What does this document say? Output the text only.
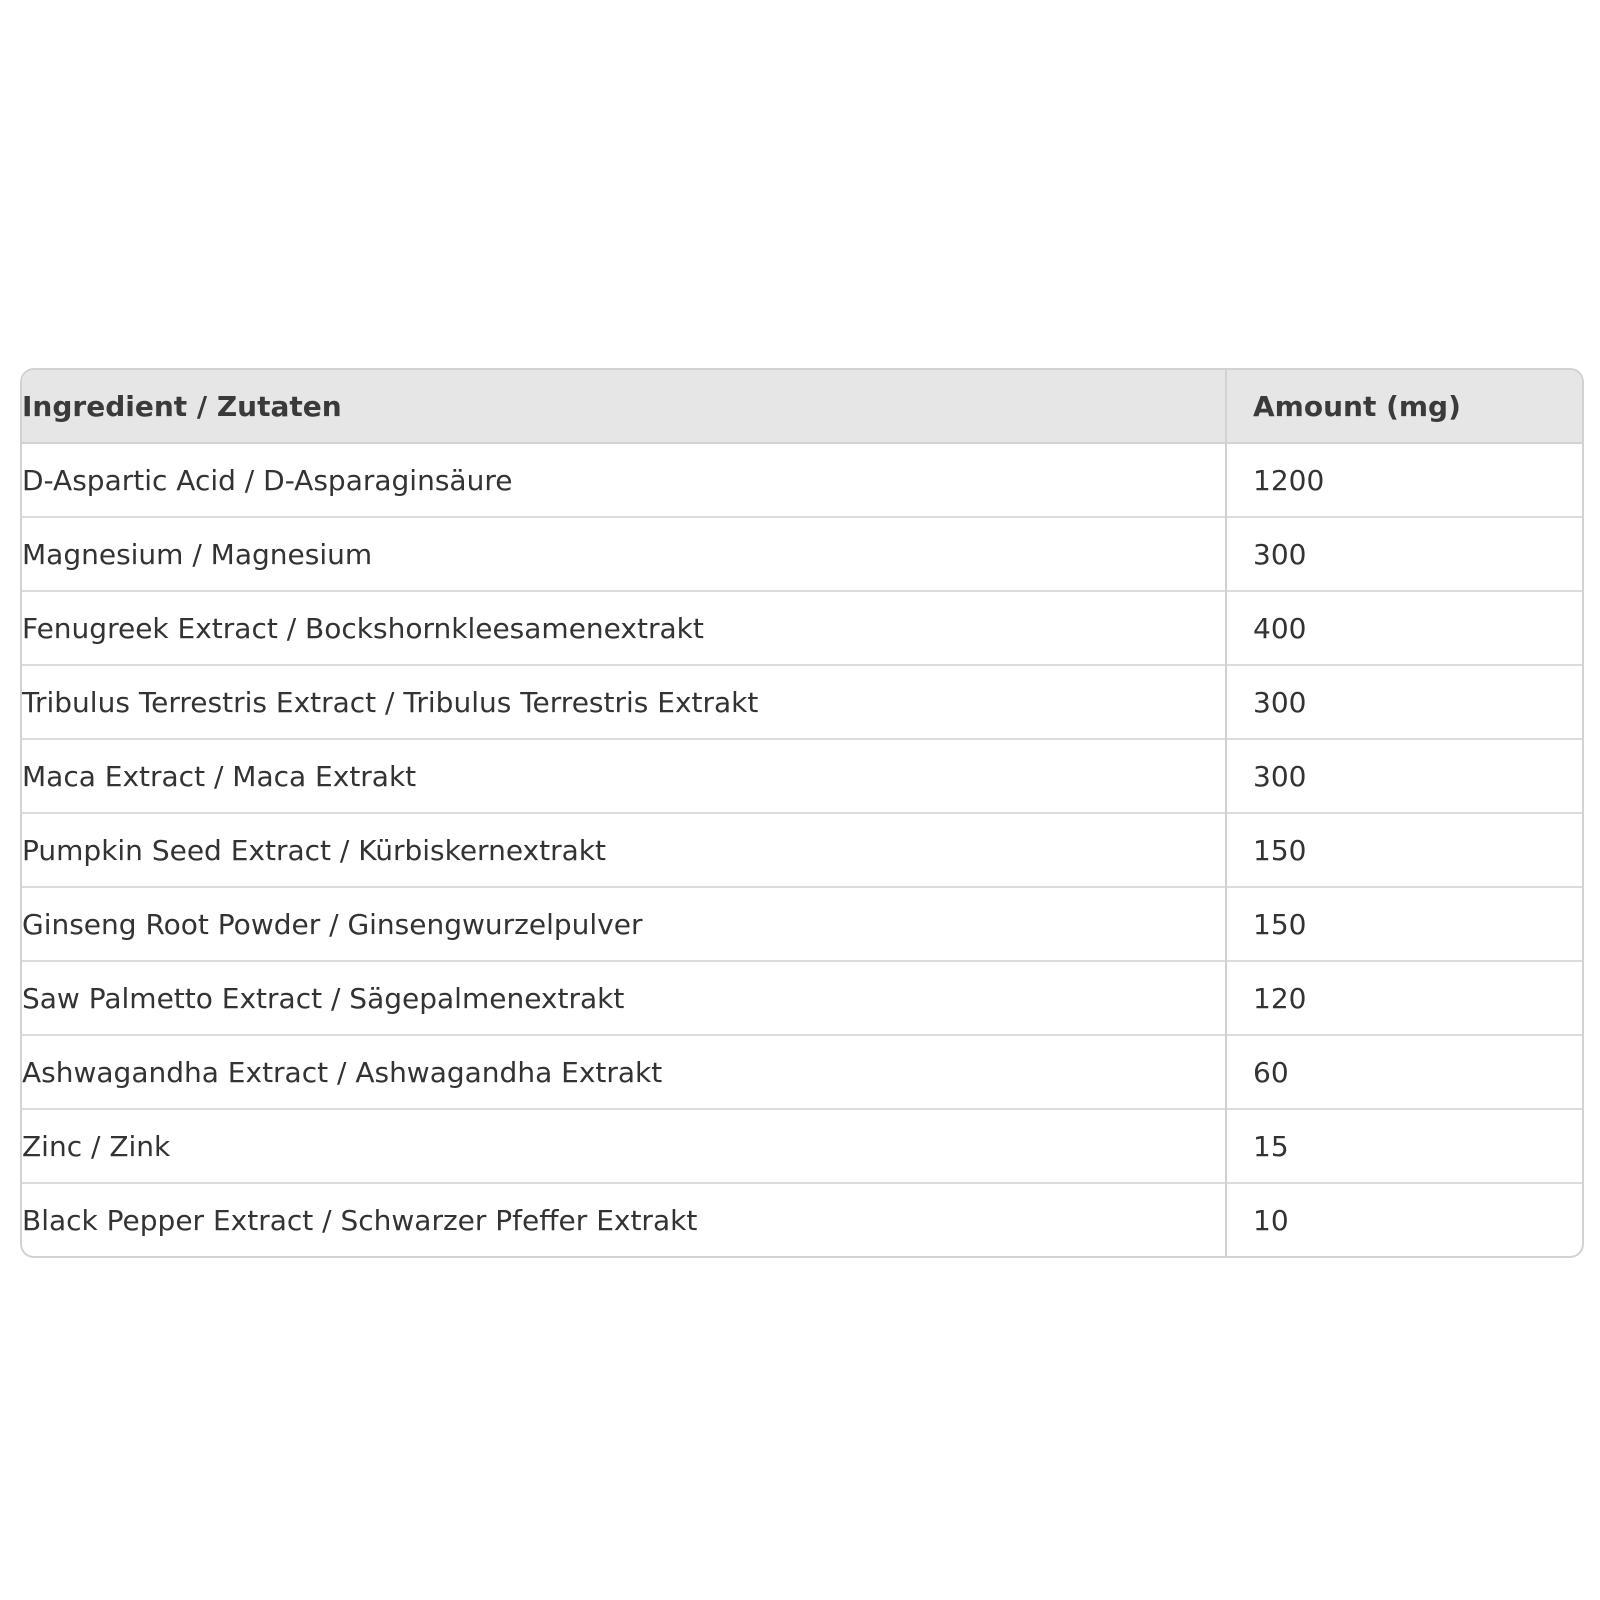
Ingredient / Zutaten	Amount (mg)
D-Aspartic Acid / D-Asparaginsäure	1200
Magnesium / Magnesium	300
Fenugreek Extract / Bockshornkleesamenextrakt	400
Tribulus Terrestris Extract / Tribulus Terrestris Extrakt	300
Maca Extract / Maca Extrakt	300
Pumpkin Seed Extract / Kürbiskernextrakt	150
Ginseng Root Powder / Ginsengwurzelpulver	150
Saw Palmetto Extract / Sägepalmenextrakt	120
Ashwagandha Extract / Ashwagandha Extrakt	60
Zinc / Zink	15
Black Pepper Extract / Schwarzer Pfeffer Extrakt	10
